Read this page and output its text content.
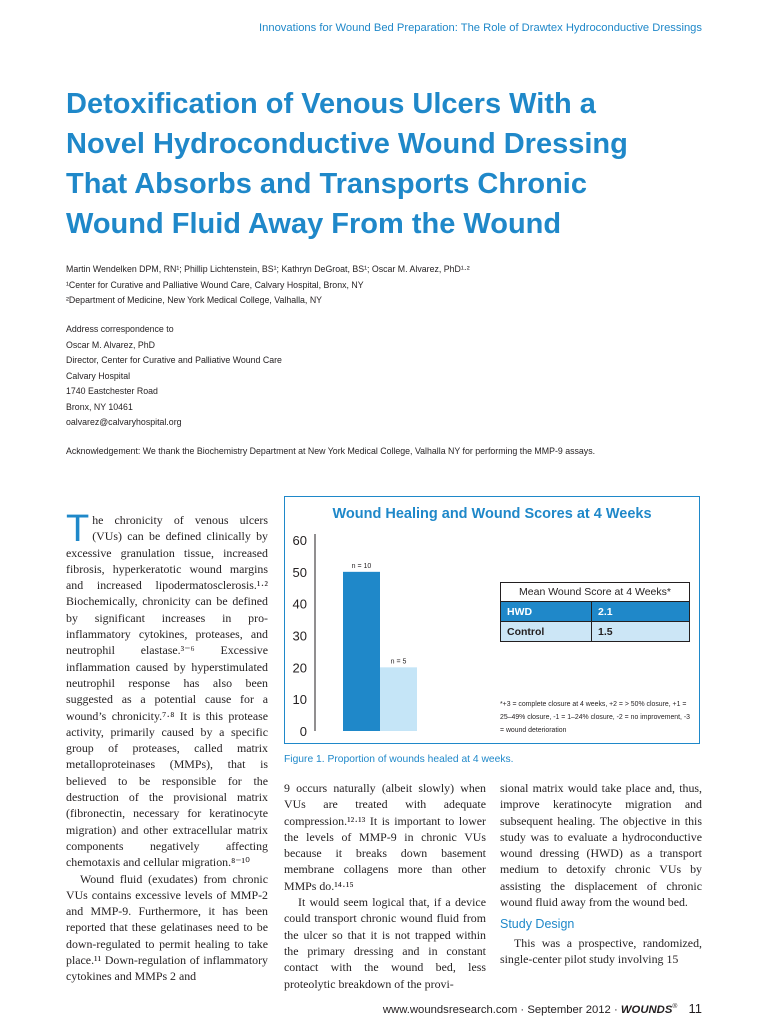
Innovations for Wound Bed Preparation: The Role of Drawtex Hydroconductive Dressings
Detoxification of Venous Ulcers With a
Novel Hydroconductive Wound Dressing
That Absorbs and Transports Chronic
Wound Fluid Away From the Wound
Martin Wendelken DPM, RN¹; Phillip Lichtenstein, BS¹; Kathryn DeGroat, BS¹; Oscar M. Alvarez, PhD¹·²
¹Center for Curative and Palliative Wound Care, Calvary Hospital, Bronx, NY
²Department of Medicine, New York Medical College, Valhalla, NY
Address correspondence to
Oscar M. Alvarez, PhD
Director, Center for Curative and Palliative Wound Care
Calvary Hospital
1740 Eastchester Road
Bronx, NY 10461
oalvarez@calvaryhospital.org
Acknowledgement: We thank the Biochemistry Department at New York Medical College, Valhalla NY for performing the MMP-9 assays.

The chronicity of venous ulcers (VUs) can be defined clinically by excessive granulation tissue, increased fibrosis, hyperkeratotic wound margins and increased lipodermatosclerosis.¹·² Biochemically, chronicity can be defined by significant increases in pro-inflammatory cytokines, proteases, and neutrophil elastase.³⁻⁶ Excessive inflammation caused by hyperstimulated neutrophil response has also been suggested as a potential cause for a wound’s chronicity.⁷·⁸ It is this protease activity, primarily caused by a specific group of proteases, called matrix metalloproteinases (MMPs), that is believed to be responsible for the destruction of the provisional matrix (fibronectin, necessary for keratinocyte migration) and other extracellular matrix components negatively affecting chemotaxis and cellular migration.⁸⁻¹⁰

Wound fluid (exudates) from chronic VUs contains excessive levels of MMP-2 and MMP-9. Furthermore, it has been reported that these gelatinases need to be down-regulated to permit healing to take place.¹¹ Down-regulation of inflammatory cytokines and MMPs 2 and

Wound Healing and Wound Scores at 4 Weeks
0
10
20
30
40
50
60
n = 10
n = 5
Mean Wound Score at 4 Weeks*	
HWD	2.1
Control	1.5
*+3 = complete closure at 4 weeks, +2 = > 50% closure, +1 = 25–49% closure, -1 = 1–24% closure, -2 = no improvement, -3 = wound deterioration
Figure 1. Proportion of wounds healed at 4 weeks.

9 occurs naturally (albeit slowly) when VUs are treated with adequate compression.¹²·¹³ It is important to lower the levels of MMP-9 in chronic VUs because it breaks down basement membrane collagens more than other MMPs do.¹⁴·¹⁵

It would seem logical that, if a device could transport chronic wound fluid from the ulcer so that it is not trapped within the primary dressing and in constant contact with the wound bed, less proteolytic breakdown of the provi-

sional matrix would take place and, thus, improve keratinocyte migration and subsequent healing. The objective in this study was to evaluate a hydroconductive wound dressing (HWD) as a transport medium to detoxify chronic VUs by assisting the displacement of chronic wound fluid away from the wound bed.

Study Design

This was a prospective, randomized, single-center pilot study involving 15

www.woundsresearch.com · September 2012 · WOUNDS® 11
